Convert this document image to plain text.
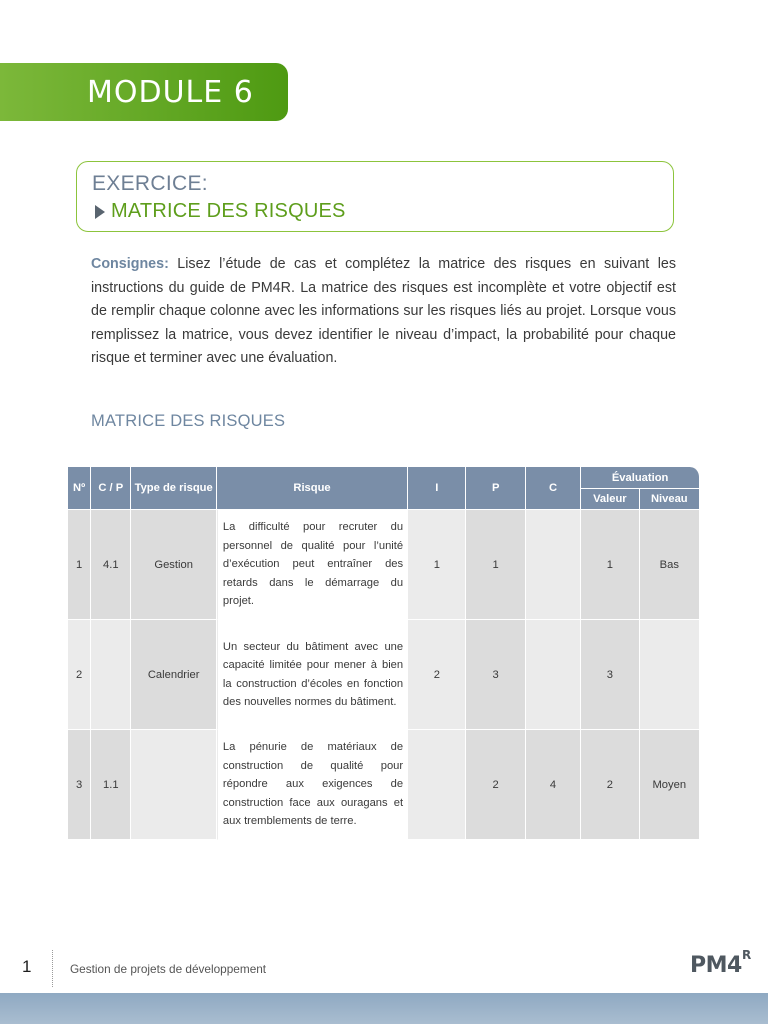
MODULE 6
EXERCICE:
MATRICE DES RISQUES
Consignes: Lisez l’étude de cas et complétez la matrice des risques en suivant les instructions du guide de PM4R. La matrice des risques est incomplète et votre objectif est de remplir chaque colonne avec les informations sur les risques liés au projet. Lorsque vous remplissez la matrice, vous devez identifier le niveau d’impact, la probabilité pour chaque risque et terminer avec une évaluation.
MATRICE DES RISQUES
Nº	C / P	Type de risque	Risque	I	P	C	Évaluation	
							Valeur	Niveau
1	4.1	Gestion	La difficulté pour recruter du personnel de qualité pour l’unité d’exécution peut entraîner des retards dans le démarrage du projet.	1	1		1	Bas
2		Calendrier	Un secteur du bâtiment avec une capacité limitée pour mener à bien la construction d’écoles en fonction des nouvelles normes du bâtiment.	2	3		3	
3	1.1		La pénurie de matériaux de construction de qualité pour répondre aux exigences de construction face aux ouragans et aux tremblements de terre.		2	4	2	Moyen
1	Gestion de projets de développement	PM4 R
